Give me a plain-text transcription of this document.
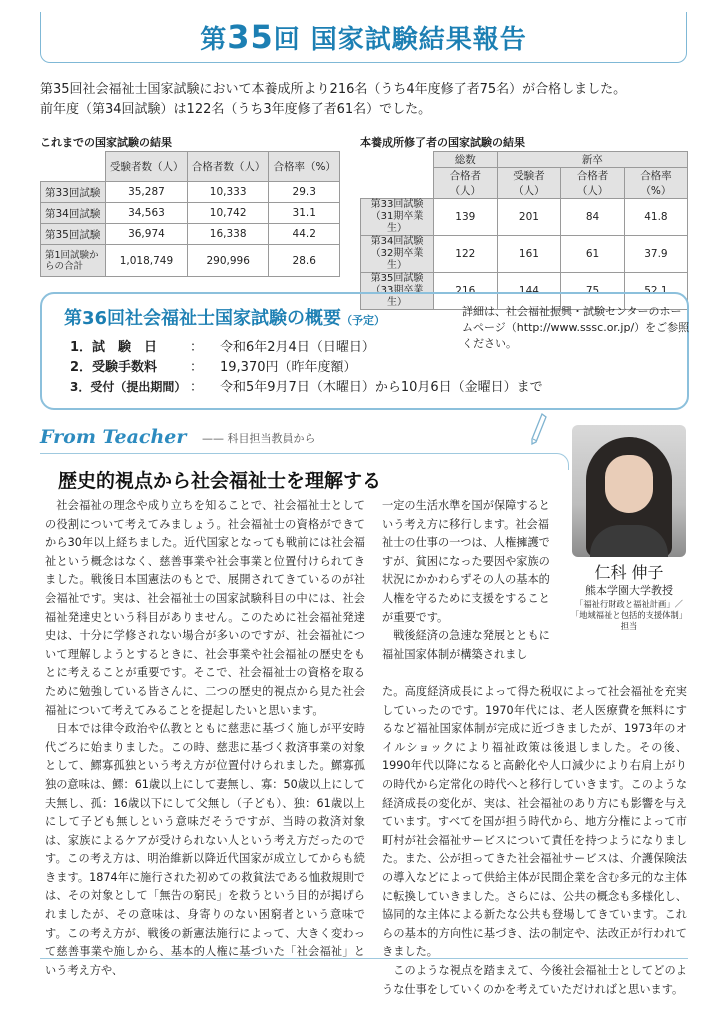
第35回 国家試験結果報告
第35回社会福祉士国家試験において本養成所より216名（うち4年度修了者75名）が合格しました。
前年度（第34回試験）は122名（うち3年度修了者61名）でした。
これまでの国家試験の結果
	受験者数（人）	合格者数（人）	合格率（%）
第33回試験	35,287	10,333	29.3
第34回試験	34,563	10,742	31.1
第35回試験	36,974	16,338	44.2
第1回試験からの合計	1,018,749	290,996	28.6
本養成所修了者の国家試験の結果
	総数	新卒		
	合格者（人）	受験者（人）	合格者（人）	合格率（%）
第33回試験（31期卒業生）	139	201	84	41.8
第34回試験（32期卒業生）	122	161	61	37.9
第35回試験（33期卒業生）	216	144	75	52.1
第36回社会福祉士国家試験の概要（予定）
詳細は、社会福祉振興・試験センターのホームページ（http://www.sssc.or.jp/）をご参照ください。
1．試　験　日	： 令和6年2月4日（日曜日）
2．受験手数料	： 19,370円（昨年度額）
3．受付（提出期間） ： 令和5年9月7日（木曜日）から10月6日（金曜日）まで
From Teacher —— 科目担当教員から
歴史的視点から社会福祉士を理解する

社会福祉の理念や成り立ちを知ることで、社会福祉士としての役割について考えてみましょう。社会福祉士の資格ができてから30年以上経ちました。近代国家となっても戦前には社会福祉という概念はなく、慈善事業や社会事業と位置付けられてきました。戦後日本国憲法のもとで、展開されてきているのが社会福祉です。実は、社会福祉士の国家試験科目の中には、社会福祉発達史という科目がありません。このために社会福祉発達史は、十分に学修されない場合が多いのですが、社会福祉について理解しようとするときに、社会事業や社会福祉の歴史をもとに考えることが重要です。そこで、社会福祉士の資格を取るために勉強している皆さんに、二つの歴史的視点から見た社会福祉について考えてみることを提起したいと思います。

日本では律令政治や仏教とともに慈悲に基づく施しが平安時代ごろに始まりました。この時、慈悲に基づく救済事業の対象として、鰥寡孤独という考え方が位置付けられました。鰥寡孤独の意味は、鰥：61歳以上にして妻無し、寡：50歳以上にして夫無し、孤：16歳以下にして父無し（子ども）、独：61歳以上にして子ども無しという意味だそうですが、当時の救済対象は、家族によるケアが受けられない人という考え方だったのです。この考え方は、明治維新以降近代国家が成立してからも続きます。1874年に施行された初めての救貧法である恤救規則では、その対象として「無告の窮民」を救うという目的が掲げられましたが、その意味は、身寄りのない困窮者という意味です。この考え方が、戦後の新憲法施行によって、大きく変わって慈善事業や施しから、基本的人権に基づいた「社会福祉」という考え方や、

一定の生活水準を国が保障するという考え方に移行します。社会福祉士の仕事の一つは、人権擁護ですが、貧困になった要因や家族の状況にかかわらずその人の基本的人権を守るために支援をすることが重要です。

戦後経済の急速な発展とともに福祉国家体制が構築されまし

た。高度経済成長によって得た税収によって社会福祉を充実していったのです。1970年代には、老人医療費を無料にするなど福祉国家体制が完成に近づきましたが、1973年のオイルショックにより福祉政策は後退しました。その後、1990年代以降になると高齢化や人口減少により右肩上がりの時代から定常化の時代へと移行していきます。このような経済成長の変化が、実は、社会福祉のあり方にも影響を与えています。すべてを国が担う時代から、地方分権によって市町村が社会福祉サービスについて責任を持つようになりました。また、公が担ってきた社会福祉サービスは、介護保険法の導入などによって供給主体が民間企業を含む多元的な主体に転換していきました。さらには、公共の概念も多様化し、協同的な主体による新たな公共も登場してきています。これらの基本的方向性に基づき、法の制定や、法改正が行われてきました。

このような視点を踏まえて、今後社会福祉士としてどのような仕事をしていくのかを考えていただければと思います。

仁科 伸子
熊本学園大学教授
「福祉行財政と福祉計画」／「地域福祉と包括的支援体制」担当
